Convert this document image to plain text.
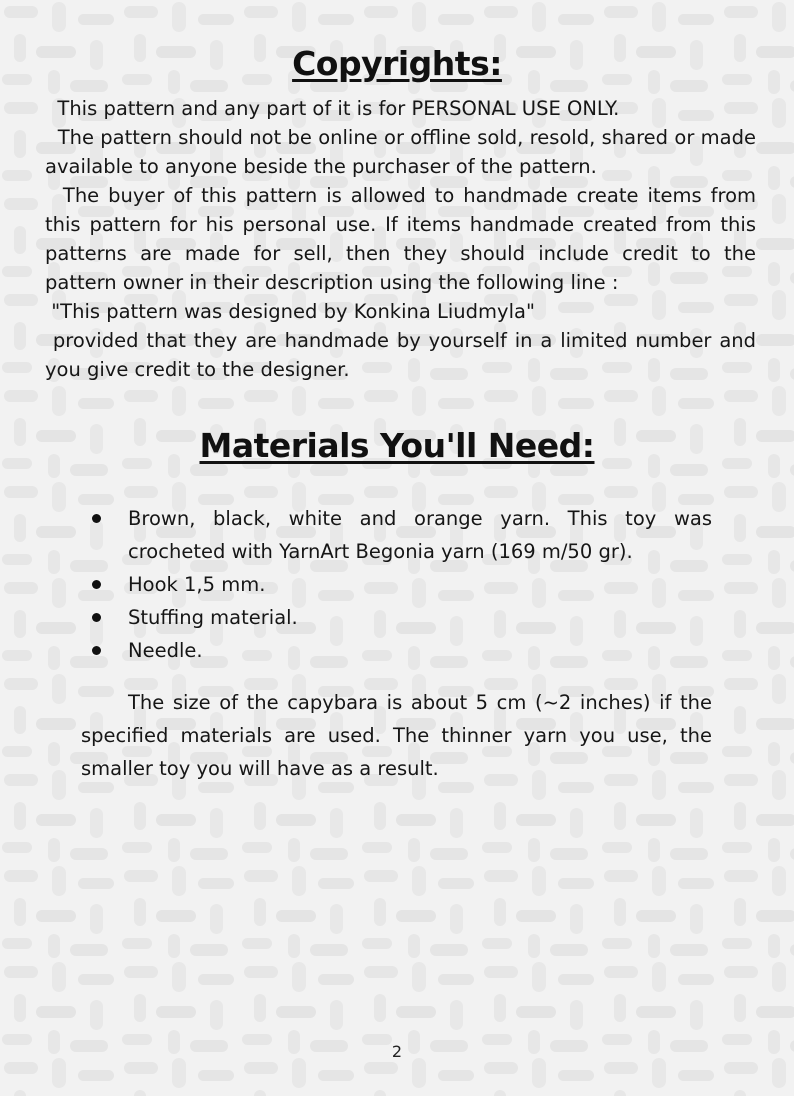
Copyrights:

This pattern and any part of it is for PERSONAL USE ONLY.

The pattern should not be online or offline sold, resold, shared or made available to anyone beside the purchaser of the pattern.

The buyer of this pattern is allowed to handmade create items from this pattern for his personal use. If items handmade created from this patterns are made for sell, then they should include credit to the pattern owner in their description using the following line :

"This pattern was designed by Konkina Liudmyla"

provided that they are handmade by yourself in a limited number and you give credit to the designer.

Materials You'll Need:
Brown, black, white and orange yarn. This toy was crocheted with YarnArt Begonia yarn (169 m/50 gr).
Hook 1,5 mm.
Stuffing material.
Needle.

The size of the capybara is about 5 cm (~2 inches) if the specified materials are used. The thinner yarn you use, the smaller toy you will have as a result.

2
